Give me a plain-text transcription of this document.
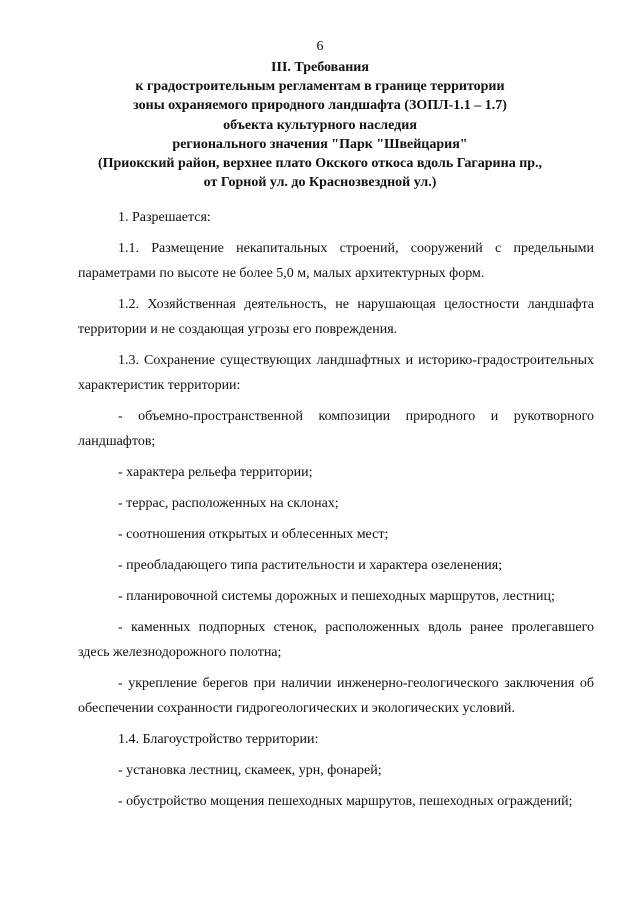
6
III. Требования
к градостроительным регламентам в границе территории
зоны охраняемого природного ландшафта (ЗОПЛ-1.1 – 1.7)
объекта культурного наследия
регионального значения "Парк "Швейцария"
(Приокский район, верхнее плато Окского откоса вдоль Гагарина пр.,
от Горной ул. до Краснозвездной ул.)

1. Разрешается:

1.1. Размещение некапитальных строений, сооружений с предельными параметрами по высоте не более 5,0 м, малых архитектурных форм.

1.2. Хозяйственная деятельность, не нарушающая целостности ландшафта территории и не создающая угрозы его повреждения.

1.3. Сохранение существующих ландшафтных и историко-градостроительных характеристик территории:

- объемно-пространственной композиции природного и рукотворного ландшафтов;

- характера рельефа территории;

- террас, расположенных на склонах;

- соотношения открытых и облесенных мест;

- преобладающего типа растительности и характера озеленения;

- планировочной системы дорожных и пешеходных маршрутов, лестниц;

- каменных подпорных стенок, расположенных вдоль ранее пролегавшего здесь железнодорожного полотна;

- укрепление берегов при наличии инженерно-геологического заключения об обеспечении сохранности гидрогеологических и экологических условий.

1.4. Благоустройство территории:

- установка лестниц, скамеек, урн, фонарей;

- обустройство мощения пешеходных маршрутов, пешеходных ограждений;
